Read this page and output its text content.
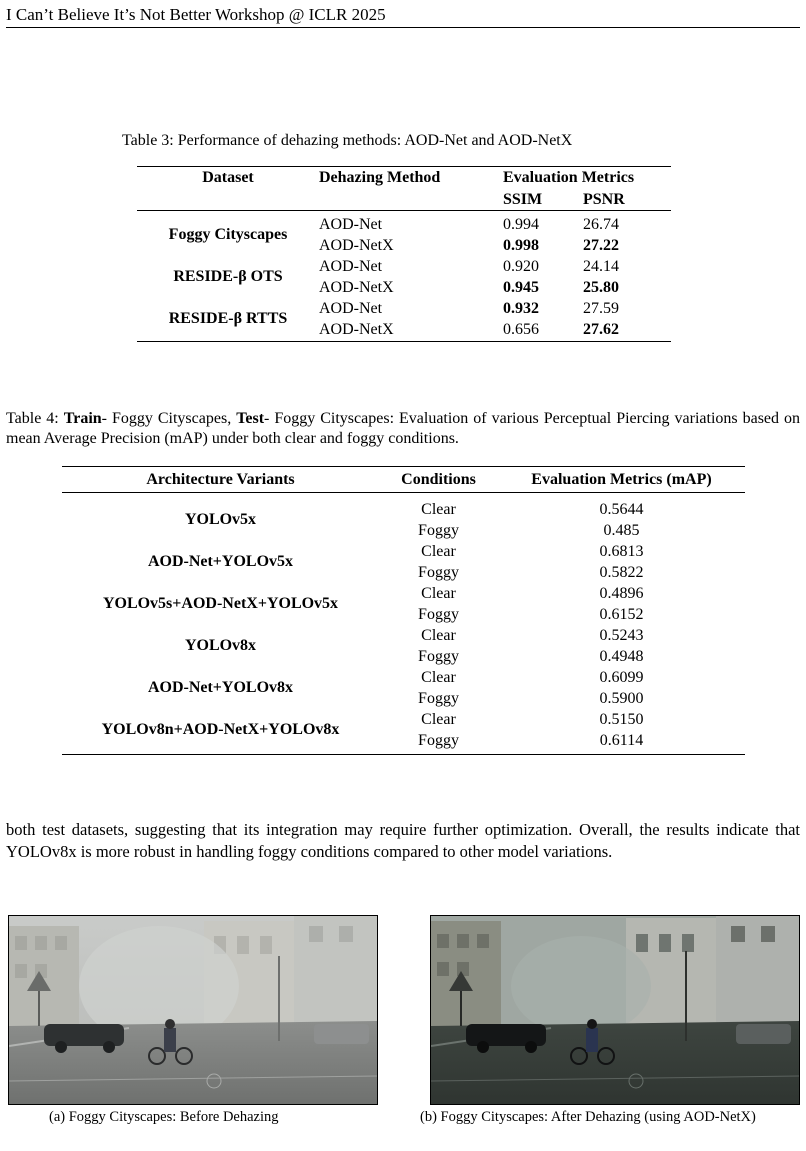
I Can’t Believe It’s Not Better Workshop @ ICLR 2025
Table 3: Performance of dehazing methods: AOD-Net and AOD-NetX
Dataset	Dehazing Method	Evaluation Metrics	
		SSIM	PSNR

Foggy Cityscapes	AOD-Net	0.994	26.74
	AOD-NetX	0.998	27.22
RESIDE-β OTS	AOD-Net	0.920	24.14
	AOD-NetX	0.945	25.80
RESIDE-β RTTS	AOD-Net	0.932	27.59
	AOD-NetX	0.656	27.62

Table 4: Train- Foggy Cityscapes, Test- Foggy Cityscapes: Evaluation of various Perceptual Piercing variations based on mean Average Precision (mAP) under both clear and foggy conditions.
Architecture Variants	Conditions	Evaluation Metrics (mAP)

YOLOv5x	Clear	0.5644
	Foggy	0.485
AOD-Net+YOLOv5x	Clear	0.6813
	Foggy	0.5822
YOLOv5s+AOD-NetX+YOLOv5x	Clear	0.4896
	Foggy	0.6152
YOLOv8x	Clear	0.5243
	Foggy	0.4948
AOD-Net+YOLOv8x	Clear	0.6099
	Foggy	0.5900
YOLOv8n+AOD-NetX+YOLOv8x	Clear	0.5150
	Foggy	0.6114

both test datasets, suggesting that its integration may require further optimization. Overall, the results indicate that YOLOv8x is more robust in handling foggy conditions compared to other model variations.
(a) Foggy Cityscapes: Before Dehazing	(b) Foggy Cityscapes: After Dehazing (using AOD-NetX)
